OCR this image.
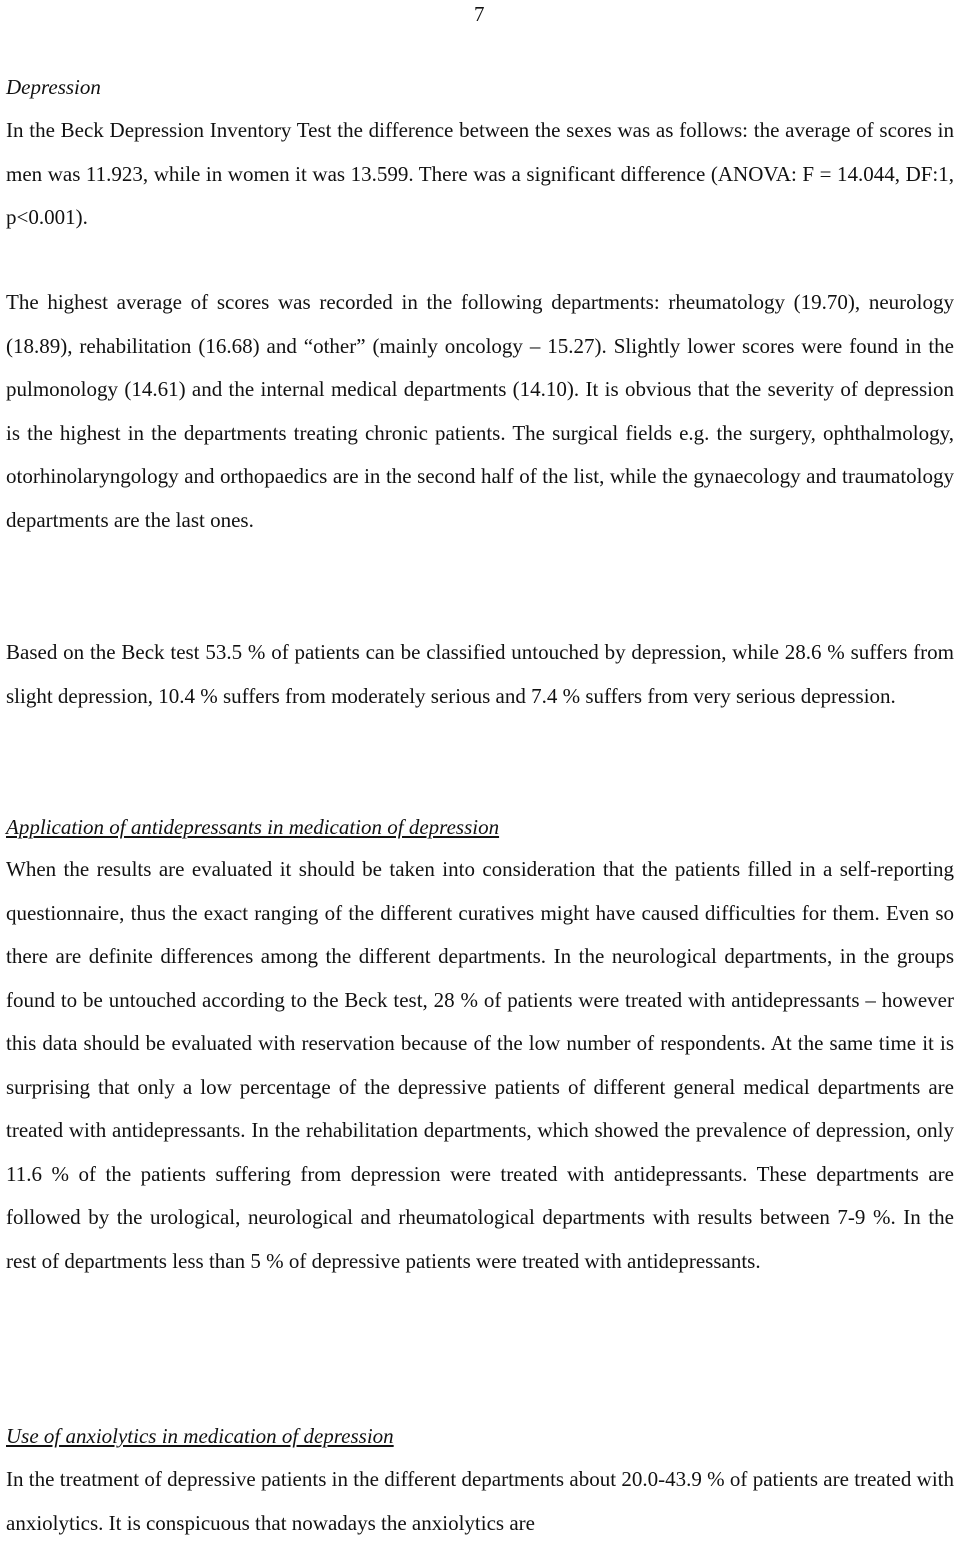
7
Depression

In the Beck Depression Inventory Test the difference between the sexes was as follows: the average of scores in men was 11.923, while in women it was 13.599. There was a significant difference (ANOVA: F = 14.044, DF:1, p<0.001).

The highest average of scores was recorded in the following departments: rheumatology (19.70), neurology (18.89), rehabilitation (16.68) and “other” (mainly oncology – 15.27). Slightly lower scores were found in the pulmonology (14.61) and the internal medical departments (14.10). It is obvious that the severity of depression is the highest in the departments treating chronic patients. The surgical fields e.g. the surgery, ophthalmology, otorhinolaryngology and orthopaedics are in the second half of the list, while the gynaecology and traumatology departments are the last ones.

Based on the Beck test 53.5 % of patients can be classified untouched by depression, while 28.6 % suffers from slight depression, 10.4 % suffers from moderately serious and 7.4 % suffers from very serious depression.

Application of antidepressants in medication of depression

When the results are evaluated it should be taken into consideration that the patients filled in a self-reporting questionnaire, thus the exact ranging of the different curatives might have caused difficulties for them. Even so there are definite differences among the different departments. In the neurological departments, in the groups found to be untouched according to the Beck test, 28 % of patients were treated with antidepressants – however this data should be evaluated with reservation because of the low number of respondents. At the same time it is surprising that only a low percentage of the depressive patients of different general medical departments are treated with antidepressants. In the rehabilitation departments, which showed the prevalence of depression, only 11.6 % of the patients suffering from depression were treated with antidepressants. These departments are followed by the urological, neurological and rheumatological departments with results between 7-9 %. In the rest of departments less than 5 % of depressive patients were treated with antidepressants.

Use of anxiolytics in medication of depression

In the treatment of depressive patients in the different departments about 20.0-43.9 % of patients are treated with anxiolytics. It is conspicuous that nowadays the anxiolytics are
